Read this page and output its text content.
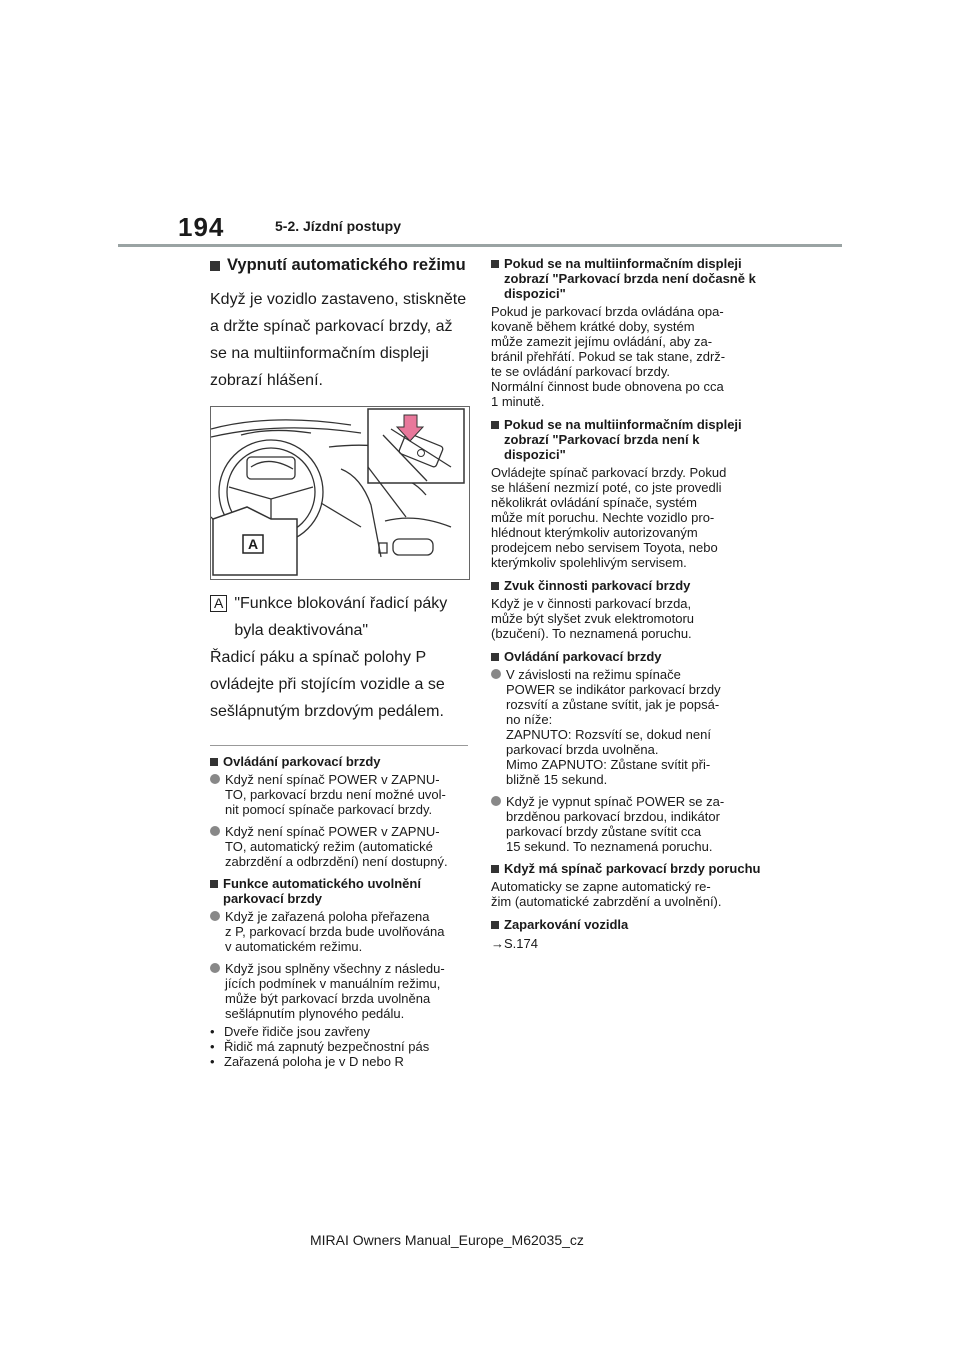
194	5-2. Jízdní postupy
Vypnutí automatického režimu

Když je vozidlo zastaveno, stiskněte a držte spínač parkovací brzdy, až se na multiinformačním displeji zobrazí hlášení.

A
A "Funkce blokování řadicí páky
byla deaktivována"

Řadicí páku a spínač polohy P ovládejte při stojícím vozidle a se sešlápnutým brzdovým pedálem.

Ovládání parkovací brzdy
Když není spínač POWER v ZAPNU-
TO, parkovací brzdu není možné uvol-
nit pomocí spínače parkovací brzdy.
Když není spínač POWER v ZAPNU-
TO, automatický režim (automatické
zabrzdění a odbrzdění) není dostupný.
Funkce automatického uvolnění parkovací brzdy
Když je zařazená poloha přeřazena
z P, parkovací brzda bude uvolňována
v automatickém režimu.
Když jsou splněny všechny z následu-
jících podmínek v manuálním režimu,
může být parkovací brzda uvolněna
sešlápnutím plynového pedálu.
• Dveře řidiče jsou zavřeny
• Řidič má zapnutý bezpečnostní pás
• Zařazená poloha je v D nebo R
Pokud se na multiinformačním displeji zobrazí "Parkovací brzda není dočasně k dispozici"

Pokud je parkovací brzda ovládána opa-
kovaně během krátké doby, systém
může zamezit jejímu ovládání, aby za-
bránil přehřátí. Pokud se tak stane, zdrž-
te se ovládání parkovací brzdy.
Normální činnost bude obnovena po cca
1 minutě.

Pokud se na multiinformačním displeji zobrazí "Parkovací brzda není k dispozici"

Ovládejte spínač parkovací brzdy. Pokud
se hlášení nezmizí poté, co jste provedli
několikrát ovládání spínače, systém
může mít poruchu. Nechte vozidlo pro-
hlédnout kterýmkoliv autorizovaným
prodejcem nebo servisem Toyota, nebo
kterýmkoliv spolehlivým servisem.

Zvuk činnosti parkovací brzdy

Když je v činnosti parkovací brzda,
může být slyšet zvuk elektromotoru
(bzučení). To neznamená poruchu.

Ovládání parkovací brzdy
V závislosti na režimu spínače
POWER se indikátor parkovací brzdy
rozsvítí a zůstane svítit, jak je popsá-
no níže:
ZAPNUTO: Rozsvítí se, dokud není
parkovací brzda uvolněna.
Mimo ZAPNUTO: Zůstane svítit při-
bližně 15 sekund.
Když je vypnut spínač POWER se za-
brzděnou parkovací brzdou, indikátor
parkovací brzdy zůstane svítit cca
15 sekund. To neznamená poruchu.
Když má spínač parkovací brzdy poruchu

Automaticky se zapne automatický re-
žim (automatické zabrzdění a uvolnění).

Zaparkování vozidla

→S.174

MIRAI Owners Manual_Europe_M62035_cz
